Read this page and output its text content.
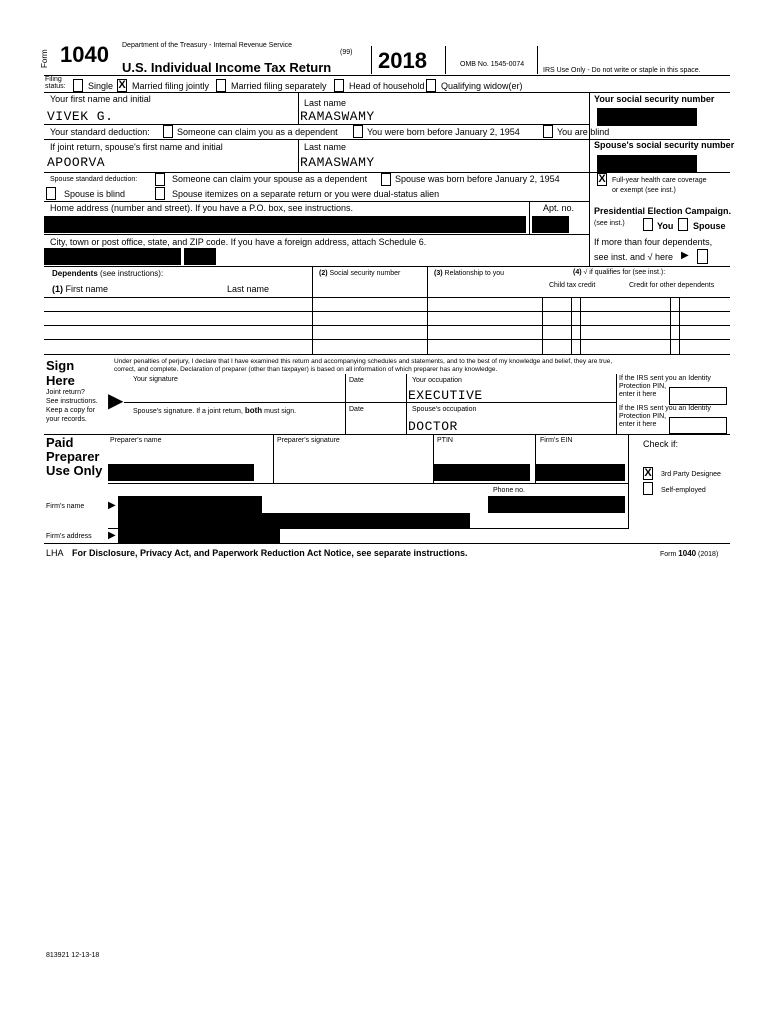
Form 1040 Department of the Treasury - Internal Revenue Service
(99)
U.S. Individual Income Tax Return 2018	OMB No. 1545-0074
IRS Use Only - Do not write or staple in this space.
Filing status:	Single X Married filing jointly Married filing separately Head of household Qualifying widow(er)
Your first name and initial
VIVEK G.
Last name
RAMASWAMY
Your social security number
Your standard deduction:	Someone can claim you as a dependent	You were born before January 2, 1954	You are blind
If joint return, spouse's first name and initial
APOORVA
Last name
RAMASWAMY
Spouse's social security number
Spouse standard deduction:	Someone can claim your spouse as a dependent	Spouse was born before January 2, 1954
Spouse is blind	Spouse itemizes on a separate return or you were dual-status alien
X Full-year health care coverage
or exempt (see inst.)
Home address (number and street). If you have a P.O. box, see instructions.	Apt. no. Presidential Election Campaign.
(see inst.)	You Spouse
City, town or post office, state, and ZIP code. If you have a foreign address, attach Schedule 6.	If more than four dependents,
see inst. and √ here ▶
Dependents (see instructions):
(1) First name	Last name
(2) Social security number	(3) Relationship to you	(4) √ if qualifies for (see inst.):
Child tax credit	Credit for other dependents
Sign
Here
Joint return?
See instructions.
Keep a copy for
your records.
▶
Under penalties of perjury, I declare that I have examined this return and accompanying schedules and statements, and to the best of my knowledge and belief, they are true,
correct, and complete. Declaration of preparer (other than taxpayer) is based on all information of which preparer has any knowledge.
Your signature	Date	Your occupation
EXECUTIVE
If the IRS sent you an Identity
Protection PIN,
enter it here
Spouse's signature. If a joint return, both must sign.	Date	Spouse's occupation
DOCTOR
If the IRS sent you an Identity
Protection PIN,
enter it here
Paid
Preparer
Use Only
Preparer's name	Preparer's signature	PTIN	Firm's EIN	Check if:
X 3rd Party Designee
Self-employed
Phone no.
Firm's name ▶
Firm's address ▶
LHA For Disclosure, Privacy Act, and Paperwork Reduction Act Notice, see separate instructions.	Form 1040 (2018)
813921 12-13-18
